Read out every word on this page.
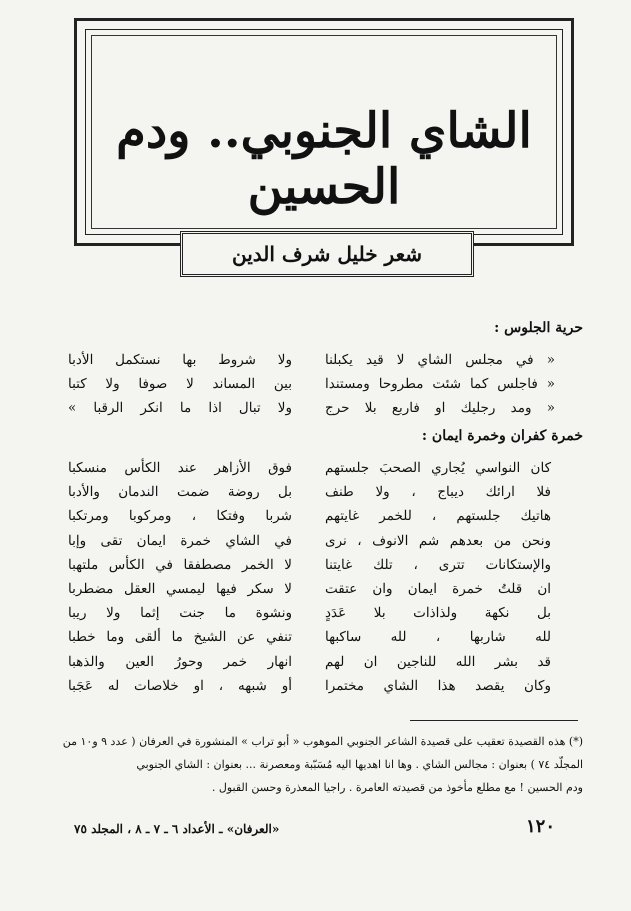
الشاي الجنوبي.. ودم الحسين
شعر خليل شرف الدين
حرية الجلوس :
« في مجلس الشاي لا قيد يكبلنا
« فاجلس كما شئت مطروحا ومستندا
« ومد رجليك او فاربع بلا حرج
ولا شروط بها نستكمل الأدبا
بين المساند لا صوفا ولا كتبا
ولا تبال اذا ما انكر الرقبا »
خمرة كفران وخمرة ايمان :
كان النواسي يُجاري الصحبَ جلستهم
فلا ارائك ديباج ، ولا طنف
هاتيك جلستهم ، للخمر غايتهم
ونحن من بعدهم شم الانوف ، نرى
والإستكانات تترى ، تلك غايتنا
ان قلتُ خمرة ايمان وان عتقت
بل نكهة ولذاذات بلا عَدَدٍ
لله شاربها ، لله ساكبها
قد بشر الله للناجين ان لهم
وكان يقصد هذا الشاي مختمرا
فوق الأزاهر عند الكأس منسكبا
بل روضة ضمت الندمان والأدبا
شربا وفتكا ، ومركوبا ومرتكبا
في الشاي خمرة ايمان تقى وإبا
لا الخمر مصطفقا في الكأس ملتهبا
لا سكر فيها ليمسي العقل مضطربا
ونشوة ما جنت إثما ولا ريبا
تنفي عن الشيخ ما ألقى وما خطبا
انهار خمر وحورُ العين والذهبا
أو شبهه ، او خلاصات له عَجَبا
(*) هذه القصيدة تعقيب على قصيدة الشاعر الجنوبي الموهوب « أبو تراب » المنشورة في العرفان ( عدد ٩ و١٠ من
المجلّد ٧٤ ) بعنوان : مجالس الشاي . وها انا اهديها اليه مُسَبّبة ومعصرنة ... بعنوان : الشاي الجنوبي
ودم الحسين ! مع مطلع مأخوذ من قصيدته العامرة . راجيا المعذرة وحسن القبول .
١٢٠
«العرفان» ـ الأعداد ٦ ـ ٧ ـ ٨ ، المجلد ٧٥
